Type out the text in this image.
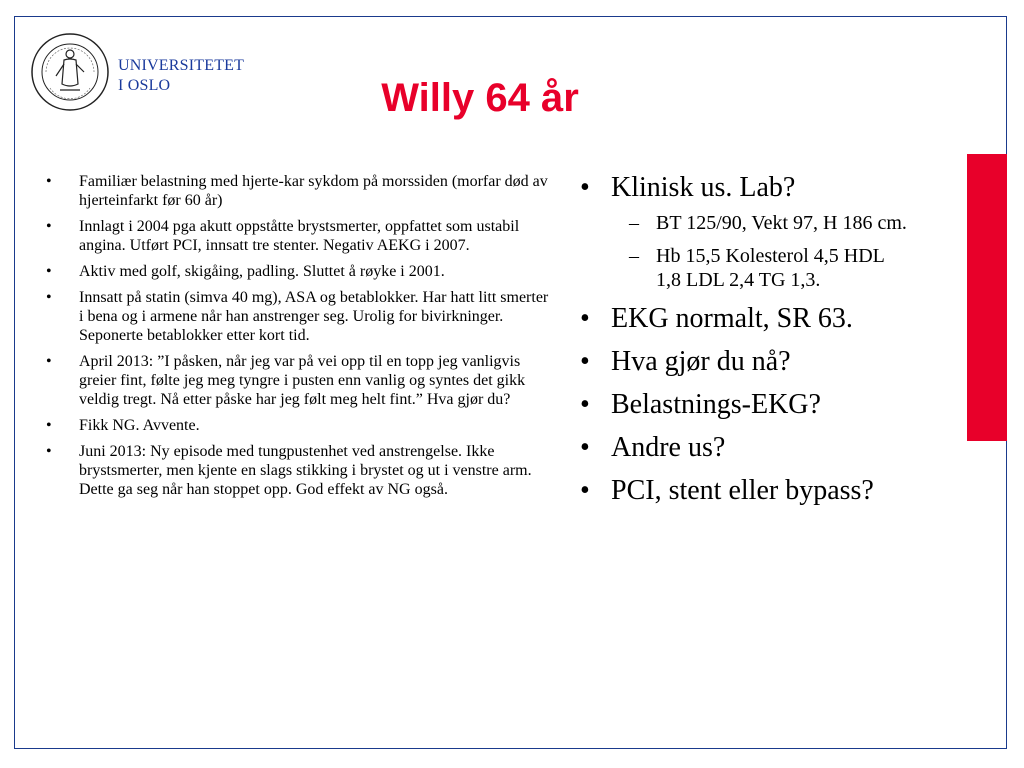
UNIVERSITETET
I OSLO	Willy 64 år
• Familiær belastning med hjerte-kar sykdom på morssiden (morfar død av hjerteinfarkt før 60 år)
• Innlagt i 2004 pga akutt oppståtte brystsmerter, oppfattet som ustabil angina. Utført PCI, innsatt tre stenter. Negativ AEKG i 2007.
• Aktiv med golf, skigåing, padling. Sluttet å røyke i 2001.
• Innsatt på statin (simva 40 mg), ASA og betablokker. Har hatt litt smerter i bena og i armene når han anstrenger seg. Urolig for bivirkninger. Seponerte betablokker etter kort tid.
• April 2013: ”I påsken, når jeg var på vei opp til en topp jeg vanligvis greier fint, følte jeg meg tyngre i pusten enn vanlig og syntes det gikk veldig tregt. Nå etter påske har jeg følt meg helt fint.” Hva gjør du?
• Fikk NG. Avvente.
• Juni 2013: Ny episode med tungpustenhet ved anstrengelse. Ikke brystsmerter, men kjente en slags stikking i brystet og ut i venstre arm. Dette ga seg når han stoppet opp. God effekt av NG også.
• Klinisk us. Lab?
– BT 125/90, Vekt 97, H 186 cm.
– Hb 15,5 Kolesterol 4,5 HDL 1,8 LDL 2,4 TG 1,3.
• EKG normalt, SR 63.
• Hva gjør du nå?
• Belastnings-EKG?
• Andre us?
• PCI, stent eller bypass?
